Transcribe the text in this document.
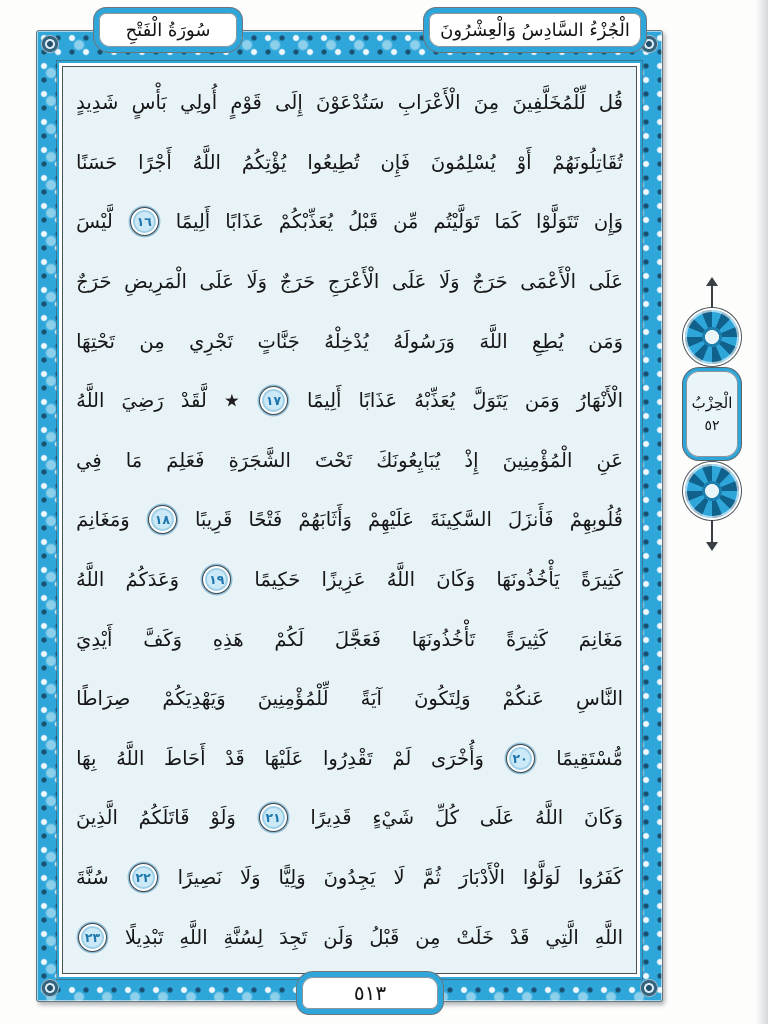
سُورَةُ الْفَتْحِ	الْجُزْءُ السَّادِسُ وَالْعِشْرُونَ
قُل
لِّلْمُخَلَّفِينَ
مِنَ
الْأَعْرَابِ
سَتُدْعَوْنَ
إِلَى
قَوْمٍ
أُولِي
بَأْسٍ
شَدِيدٍ
تُقَاتِلُونَهُمْ
أَوْ
يُسْلِمُونَ
فَإِن
تُطِيعُوا
يُؤْتِكُمُ
اللَّهُ
أَجْرًا
حَسَنًا
وَإِن
تَتَوَلَّوْا
كَمَا
تَوَلَّيْتُم
مِّن
قَبْلُ
يُعَذِّبْكُمْ
عَذَابًا
أَلِيمًا
١٦
لَّيْسَ
عَلَى
الْأَعْمَى
حَرَجٌ
وَلَا
عَلَى
الْأَعْرَجِ
حَرَجٌ
وَلَا
عَلَى
الْمَرِيضِ
حَرَجٌ
وَمَن
يُطِعِ
اللَّهَ
وَرَسُولَهُ
يُدْخِلْهُ
جَنَّاتٍ
تَجْرِي
مِن
تَحْتِهَا
الْأَنْهَارُ
وَمَن
يَتَوَلَّ
يُعَذِّبْهُ
عَذَابًا
أَلِيمًا
١٧
لَّقَدْ
رَضِيَ
اللَّهُ
عَنِ
الْمُؤْمِنِينَ
إِذْ
يُبَايِعُونَكَ
تَحْتَ
الشَّجَرَةِ
فَعَلِمَ
مَا
فِي
قُلُوبِهِمْ
فَأَنزَلَ
السَّكِينَةَ
عَلَيْهِمْ
وَأَثَابَهُمْ
فَتْحًا
قَرِيبًا
١٨
وَمَغَانِمَ
كَثِيرَةً
يَأْخُذُونَهَا
وَكَانَ
اللَّهُ
عَزِيزًا
حَكِيمًا
١٩
وَعَدَكُمُ
اللَّهُ
مَغَانِمَ
كَثِيرَةً
تَأْخُذُونَهَا
فَعَجَّلَ
لَكُمْ
هَذِهِ
وَكَفَّ
أَيْدِيَ
النَّاسِ
عَنكُمْ
وَلِتَكُونَ
آيَةً
لِّلْمُؤْمِنِينَ
وَيَهْدِيَكُمْ
صِرَاطًا
مُّسْتَقِيمًا
٢٠
وَأُخْرَى
لَمْ
تَقْدِرُوا
عَلَيْهَا
قَدْ
أَحَاطَ
اللَّهُ
بِهَا
وَكَانَ
اللَّهُ
عَلَى
كُلِّ
شَيْءٍ
قَدِيرًا
٢١
وَلَوْ
قَاتَلَكُمُ
الَّذِينَ
كَفَرُوا
لَوَلَّوُا
الْأَدْبَارَ
ثُمَّ
لَا
يَجِدُونَ
وَلِيًّا
وَلَا
نَصِيرًا
٢٢
سُنَّةَ
اللَّهِ
الَّتِي
قَدْ
خَلَتْ
مِن
قَبْلُ
وَلَن
تَجِدَ
لِسُنَّةِ
اللَّهِ
تَبْدِيلًا
٢٣
الْحِزْبُ
٥٢
٥١٣
